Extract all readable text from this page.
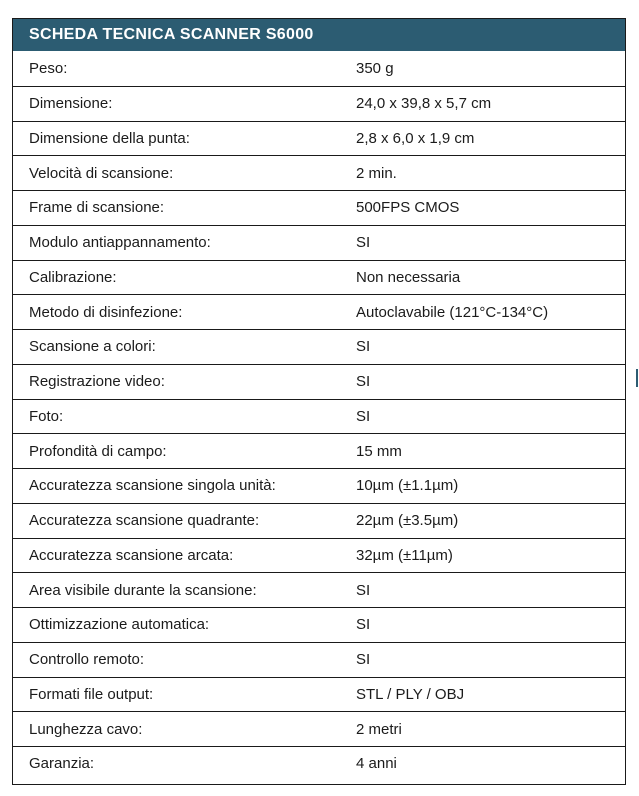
SCHEDA TECNICA SCANNER S6000
Peso:	350 g
Dimensione:	24,0 x 39,8 x 5,7 cm
Dimensione della punta:	2,8 x 6,0 x 1,9 cm
Velocità di scansione:	2 min.
Frame di scansione:	500FPS CMOS
Modulo antiappannamento:	SI
Calibrazione:	Non necessaria
Metodo di disinfezione:	Autoclavabile (121°C-134°C)
Scansione a colori:	SI
Registrazione video:	SI
Foto:	SI
Profondità di campo:	15 mm
Accuratezza scansione singola unità:	10µm (±1.1µm)
Accuratezza scansione quadrante:	22µm (±3.5µm)
Accuratezza scansione arcata:	32µm (±11µm)
Area visibile durante la scansione:	SI
Ottimizzazione automatica:	SI
Controllo remoto:	SI
Formati file output:	STL / PLY / OBJ
Lunghezza cavo:	2 metri
Garanzia:	4 anni
